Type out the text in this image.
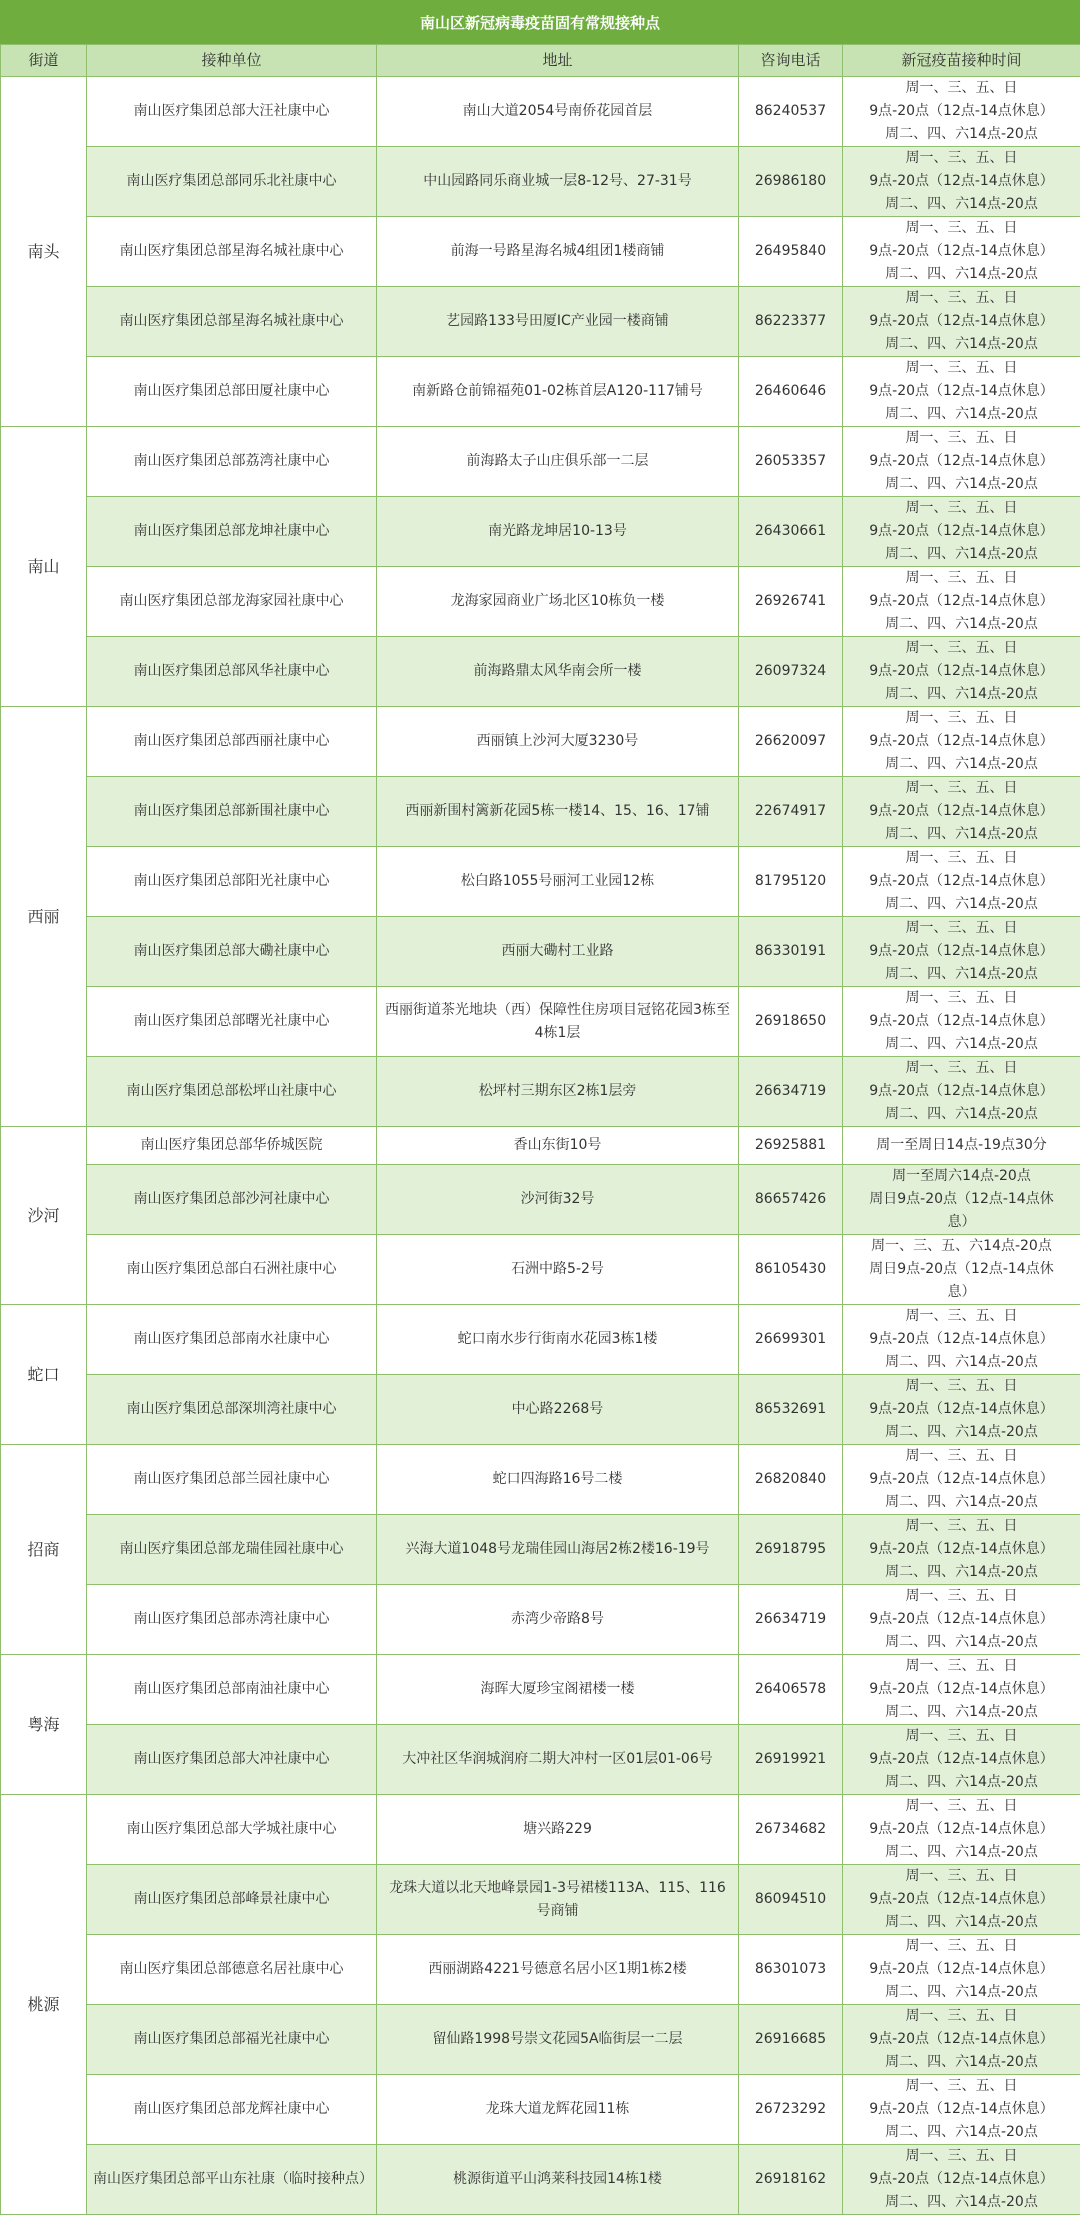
南山区新冠病毒疫苗固有常规接种点
街道	接种单位	地址	咨询电话	新冠疫苗接种时间
南头	南山医疗集团总部大汪社康中心	南山大道2054号南侨花园首层	86240537	周一、三、五、日
9点-20点（12点-14点休息）
周二、四、六14点-20点

	南山医疗集团总部同乐北社康中心	中山园路同乐商业城一层8-12号、27-31号	26986180	周一、三、五、日
9点-20点（12点-14点休息）
周二、四、六14点-20点

	南山医疗集团总部星海名城社康中心	前海一号路星海名城4组团1楼商铺	26495840	周一、三、五、日
9点-20点（12点-14点休息）
周二、四、六14点-20点

	南山医疗集团总部星海名城社康中心	艺园路133号田厦IC产业园一楼商铺	86223377	周一、三、五、日
9点-20点（12点-14点休息）
周二、四、六14点-20点

	南山医疗集团总部田厦社康中心	南新路仓前锦福苑01-02栋首层A120-117铺号	26460646	周一、三、五、日
9点-20点（12点-14点休息）
周二、四、六14点-20点

南山	南山医疗集团总部荔湾社康中心	前海路太子山庄俱乐部一二层	26053357	周一、三、五、日
9点-20点（12点-14点休息）
周二、四、六14点-20点

	南山医疗集团总部龙坤社康中心	南光路龙坤居10-13号	26430661	周一、三、五、日
9点-20点（12点-14点休息）
周二、四、六14点-20点

	南山医疗集团总部龙海家园社康中心	龙海家园商业广场北区10栋负一楼	26926741	周一、三、五、日
9点-20点（12点-14点休息）
周二、四、六14点-20点

	南山医疗集团总部风华社康中心	前海路鼎太风华南会所一楼	26097324	周一、三、五、日
9点-20点（12点-14点休息）
周二、四、六14点-20点

西丽	南山医疗集团总部西丽社康中心	西丽镇上沙河大厦3230号	26620097	周一、三、五、日
9点-20点（12点-14点休息）
周二、四、六14点-20点

	南山医疗集团总部新围社康中心	西丽新围村篱新花园5栋一楼14、15、16、17铺	22674917	周一、三、五、日
9点-20点（12点-14点休息）
周二、四、六14点-20点

	南山医疗集团总部阳光社康中心	松白路1055号丽河工业园12栋	81795120	周一、三、五、日
9点-20点（12点-14点休息）
周二、四、六14点-20点

	南山医疗集团总部大磡社康中心	西丽大磡村工业路	86330191	周一、三、五、日
9点-20点（12点-14点休息）
周二、四、六14点-20点

	南山医疗集团总部曙光社康中心	西丽街道茶光地块（西）保障性住房项目冠铭花园3栋至4栋1层	26918650	周一、三、五、日
9点-20点（12点-14点休息）
周二、四、六14点-20点

	南山医疗集团总部松坪山社康中心	松坪村三期东区2栋1层旁	26634719	周一、三、五、日
9点-20点（12点-14点休息）
周二、四、六14点-20点

沙河	南山医疗集团总部华侨城医院	香山东街10号	26925881	周一至周日14点-19点30分

	南山医疗集团总部沙河社康中心	沙河街32号	86657426	周一至周六14点-20点
周日9点-20点（12点-14点休
息）

	南山医疗集团总部白石洲社康中心	石洲中路5-2号	86105430	周一、三、五、六14点-20点
周日9点-20点（12点-14点休
息）

蛇口	南山医疗集团总部南水社康中心	蛇口南水步行街南水花园3栋1楼	26699301	周一、三、五、日
9点-20点（12点-14点休息）
周二、四、六14点-20点

	南山医疗集团总部深圳湾社康中心	中心路2268号	86532691	周一、三、五、日
9点-20点（12点-14点休息）
周二、四、六14点-20点

招商	南山医疗集团总部兰园社康中心	蛇口四海路16号二楼	26820840	周一、三、五、日
9点-20点（12点-14点休息）
周二、四、六14点-20点

	南山医疗集团总部龙瑞佳园社康中心	兴海大道1048号龙瑞佳园山海居2栋2楼16-19号	26918795	周一、三、五、日
9点-20点（12点-14点休息）
周二、四、六14点-20点

	南山医疗集团总部赤湾社康中心	赤湾少帝路8号	26634719	周一、三、五、日
9点-20点（12点-14点休息）
周二、四、六14点-20点

粤海	南山医疗集团总部南油社康中心	海晖大厦珍宝阁裙楼一楼	26406578	周一、三、五、日
9点-20点（12点-14点休息）
周二、四、六14点-20点

	南山医疗集团总部大冲社康中心	大冲社区华润城润府二期大冲村一区01层01-06号	26919921	周一、三、五、日
9点-20点（12点-14点休息）
周二、四、六14点-20点

桃源	南山医疗集团总部大学城社康中心	塘兴路229	26734682	周一、三、五、日
9点-20点（12点-14点休息）
周二、四、六14点-20点

	南山医疗集团总部峰景社康中心	龙珠大道以北天地峰景园1-3号裙楼113A、115、116号商铺	86094510	周一、三、五、日
9点-20点（12点-14点休息）
周二、四、六14点-20点

	南山医疗集团总部德意名居社康中心	西丽湖路4221号德意名居小区1期1栋2楼	86301073	周一、三、五、日
9点-20点（12点-14点休息）
周二、四、六14点-20点

	南山医疗集团总部福光社康中心	留仙路1998号崇文花园5A临街层一二层	26916685	周一、三、五、日
9点-20点（12点-14点休息）
周二、四、六14点-20点

	南山医疗集团总部龙辉社康中心	龙珠大道龙辉花园11栋	26723292	周一、三、五、日
9点-20点（12点-14点休息）
周二、四、六14点-20点

	南山医疗集团总部平山东社康（临时接种点）	桃源街道平山鸿莱科技园14栋1楼	26918162	周一、三、五、日
9点-20点（12点-14点休息）
周二、四、六14点-20点
